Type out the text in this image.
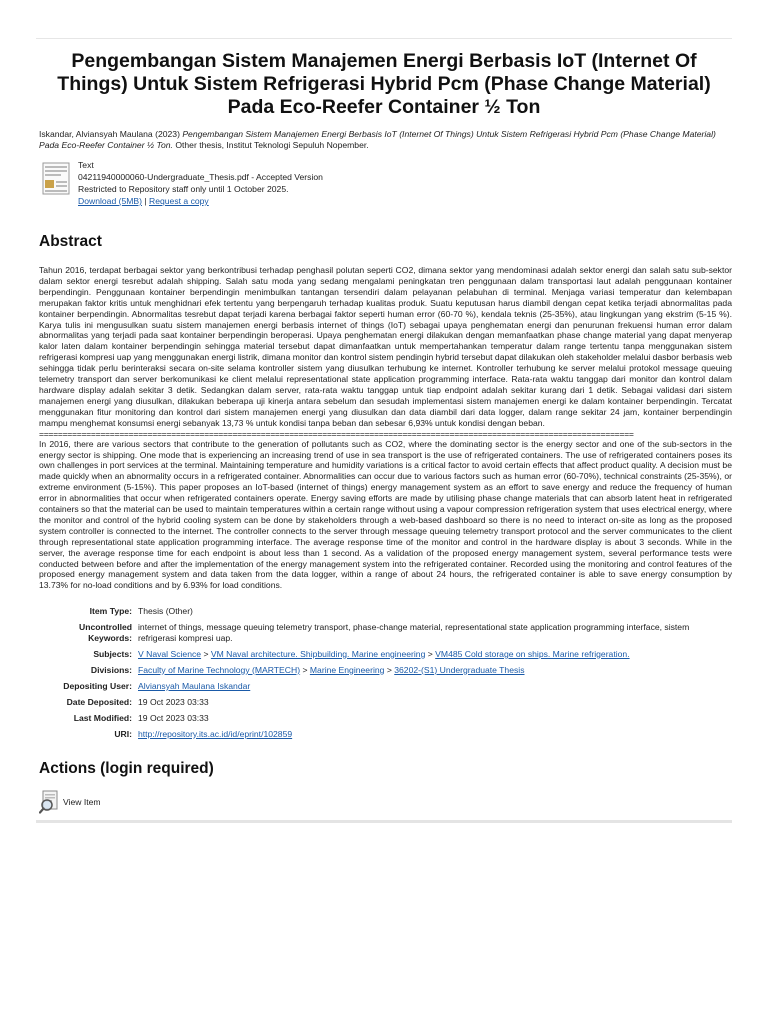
Pengembangan Sistem Manajemen Energi Berbasis IoT (Internet Of Things) Untuk Sistem Refrigerasi Hybrid Pcm (Phase Change Material) Pada Eco-Reefer Container ½ Ton
Iskandar, Alviansyah Maulana (2023) Pengembangan Sistem Manajemen Energi Berbasis IoT (Internet Of Things) Untuk Sistem Refrigerasi Hybrid Pcm (Phase Change Material) Pada Eco-Reefer Container ½ Ton. Other thesis, Institut Teknologi Sepuluh Nopember.
Text
04211940000060-Undergraduate_Thesis.pdf - Accepted Version
Restricted to Repository staff only until 1 October 2025.
Download (5MB) | Request a copy
Abstract
Tahun 2016, terdapat berbagai sektor yang berkontribusi terhadap penghasil polutan seperti CO2, dimana sektor yang mendominasi adalah sektor energi dan salah satu sub-sektor dalam sektor energi tesrebut adalah shipping. Salah satu moda yang sedang mengalami peningkatan tren penggunaan dalam transportasi laut adalah penggunaan kontainer berpendingin. Penggunaan kontainer berpendingin menimbulkan tantangan tersendiri dalam pelayanan pelabuhan di terminal. Menjaga variasi temperatur dan kelembapan merupakan faktor kritis untuk menghidnari efek tertentu yang berpengaruh terhadap kualitas produk. Suatu keputusan harus diambil dengan cepat ketika terjadi abnormalitas pada kontainer berpendingin. Abnormalitas tesrebut dapat terjadi karena berbagai faktor seperti human error (60-70 %), kendala teknis (25-35%), atau lingkungan yang ekstrim (5-15 %). Karya tulis ini mengusulkan suatu sistem manajemen energi berbasis internet of things (IoT) sebagai upaya penghematan energi dan penurunan frekuensi human error dalam abnormalitas yang terjadi pada saat kontainer berpendingin beroperasi. Upaya penghematan energi dilakukan dengan memanfaatkan phase change material yang dapat menyerap kalor laten dalam kontainer berpendingin sehingga material tersebut dapat dimanfaatkan untuk mempertahankan temperatur dalam range tertentu tanpa menggunakan sistem refrigerasi kompresi uap yang menggunakan energi listrik, dimana monitor dan kontrol sistem pendingin hybrid tersebut dapat dilakukan oleh stakeholder melalui dasbor berbasis web sehingga tidak perlu berinteraksi secara on-site selama kontroller sistem yang diusulkan terhubung ke internet. Kontroller terhubung ke server melalui protokol message queuing telemetry transport dan server berkomunikasi ke client melalui representational state application programming interface. Rata-rata waktu tanggap dari monitor dan kontrol dalam hardware display adalah sekitar 3 detik. Sedangkan dalam server, rata-rata waktu tanggap untuk tiap endpoint adalah sekitar kurang dari 1 detik. Sebagai validasi dari sistem manajemen energi yang diusulkan, dilakukan beberapa uji kinerja antara sebelum dan sesudah implementasi sistem manajemen energi ke dalam kontainer berpendingin. Tercatat menggunakan fitur monitoring dan kontrol dari sistem manajemen energi yang diusulkan dan data diambil dari data logger, dalam range sekitar 24 jam, kontainer berpendingin mampu menghemat konsumsi energi sebanyak 13,73 % untuk kondisi tanpa beban dan sebesar 6,93% untuk kondisi dengan beban.
==============================================================================================================================
In 2016, there are various sectors that contribute to the generation of pollutants such as CO2, where the dominating sector is the energy sector and one of the sub-sectors in the energy sector is shipping. One mode that is experiencing an increasing trend of use in sea transport is the use of refrigerated containers. The use of refrigerated containers poses its own challenges in port services at the terminal. Maintaining temperature and humidity variations is a critical factor to avoid certain effects that affect product quality. A decision must be made quickly when an abnormality occurs in a refrigerated container. Abnormalities can occur due to various factors such as human error (60-70%), technical constraints (25-35%), or extreme environment (5-15%). This paper proposes an IoT-based (internet of things) energy management system as an effort to save energy and reduce the frequency of human error in abnormalities that occur when refrigerated containers operate. Energy saving efforts are made by utilising phase change materials that can absorb latent heat in refrigerated containers so that the material can be used to maintain temperatures within a certain range without using a vapour compression refrigeration system that uses electrical energy, where the monitor and control of the hybrid cooling system can be done by stakeholders through a web-based dashboard so there is no need to interact on-site as long as the proposed system controller is connected to the internet. The controller connects to the server through message queuing telemetry transport protocol and the server communicates to the client through representational state application programming interface. The average response time of the monitor and control in the hardware display is about 3 seconds. While in the server, the average response time for each endpoint is about less than 1 second. As a validation of the proposed energy management system, several performance tests were conducted between before and after the implementation of the energy management system into the refrigerated container. Recorded using the monitoring and control features of the proposed energy management system and data taken from the data logger, within a range of about 24 hours, the refrigerated container is able to save energy consumption by 13.73% for no-load conditions and by 6.93% for load conditions.
Item Type:	Thesis (Other)
Uncontrolled
Keywords:	internet of things, message queuing telemetry transport, phase-change material, representational state application programming interface, sistem refrigerasi kompresi uap.
Subjects:	V Naval Science > VM Naval architecture. Shipbuilding. Marine engineering > VM485 Cold storage on ships. Marine refrigeration.
Divisions:	Faculty of Marine Technology (MARTECH) > Marine Engineering > 36202-(S1) Undergraduate Thesis
Depositing User:	Alviansyah Maulana Iskandar
Date Deposited:	19 Oct 2023 03:33
Last Modified:	19 Oct 2023 03:33
URI:	http://repository.its.ac.id/id/eprint/102859
Actions (login required)
View Item
